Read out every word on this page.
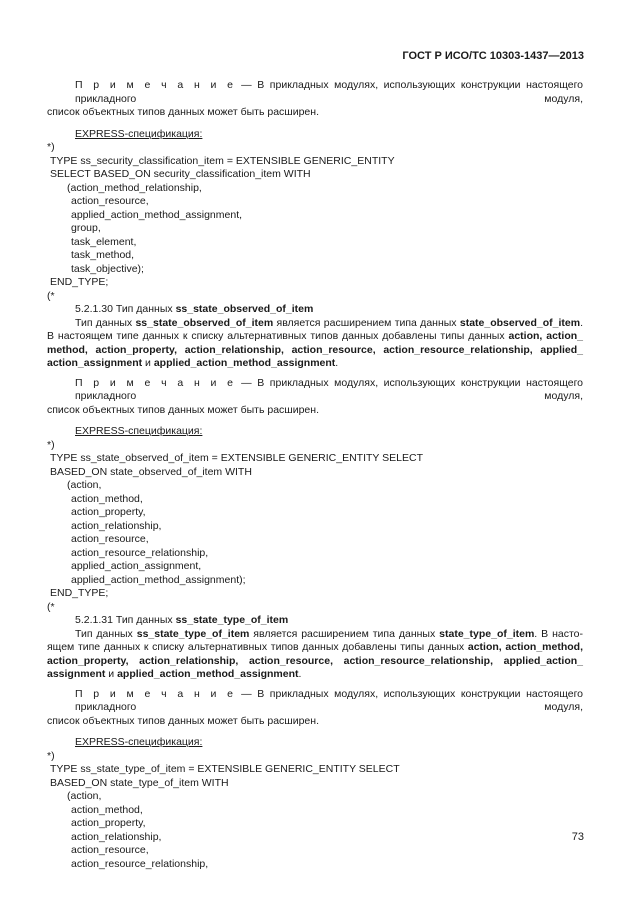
ГОСТ Р ИСО/ТС 10303-1437—2013
П р и м е ч а н и е — В прикладных модулях, использующих конструкции настоящего прикладного модуля,
список объектных типов данных может быть расширен.
EXPRESS-спецификация:
*)
TYPE ss_security_classification_item = EXTENSIBLE GENERIC_ENTITY
SELECT BASED_ON security_classification_item WITH
(action_method_relationship,
action_resource,
applied_action_method_assignment,
group,
task_element,
task_method,
task_objective);
END_TYPE;
(*
5.2.1.30 Тип данных ss_state_observed_of_item
Тип данных ss_state_observed_of_item является расширением типа данных state_observed_of_item.
В настоящем типе данных к списку альтернативных типов данных добавлены типы данных action, action_
method, action_property, action_relationship, action_resource, action_resource_relationship, applied_
action_assignment и applied_action_method_assignment.
П р и м е ч а н и е — В прикладных модулях, использующих конструкции настоящего прикладного модуля,
список объектных типов данных может быть расширен.
EXPRESS-спецификация:
*)
TYPE ss_state_observed_of_item = EXTENSIBLE GENERIC_ENTITY SELECT
BASED_ON state_observed_of_item WITH
(action,
action_method,
action_property,
action_relationship,
action_resource,
action_resource_relationship,
applied_action_assignment,
applied_action_method_assignment);
END_TYPE;
(*
5.2.1.31 Тип данных ss_state_type_of_item
Тип данных ss_state_type_of_item является расширением типа данных state_type_of_item. В насто-
ящем типе данных к списку альтернативных типов данных добавлены типы данных action, action_method,
action_property, action_relationship, action_resource, action_resource_relationship, applied_action_
assignment и applied_action_method_assignment.
П р и м е ч а н и е — В прикладных модулях, использующих конструкции настоящего прикладного модуля,
список объектных типов данных может быть расширен.
EXPRESS-спецификация:
*)
TYPE ss_state_type_of_item = EXTENSIBLE GENERIC_ENTITY SELECT
BASED_ON state_type_of_item WITH
(action,
action_method,
action_property,
action_relationship,
action_resource,
action_resource_relationship,
73
